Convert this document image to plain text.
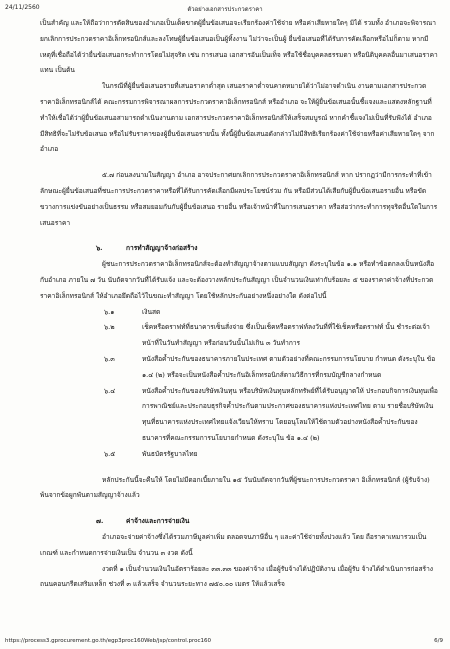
24/11/2560	ตัวอย่างเอกสารประกวดราคา

เป็นสำคัญ และให้ถือว่าการตัดสินของอำเภอเป็นเด็ดขาดผู้ยื่นข้อเสนอจะเรียกร้องค่าใช้จ่าย หรือค่าเสียหายใดๆ มิได้ รวมทั้ง อำเภอจะพิจารณายกเลิกการประกวดราคาอิเล็กทรอนิกส์และลงโทษผู้ยื่นข้อเสนอเป็นผู้ทิ้งงาน ไม่ว่าจะเป็นผู้ ยื่นข้อเสนอที่ได้รับการคัดเลือกหรือไม่ก็ตาม หากมีเหตุที่เชื่อถือได้ว่ายื่นข้อเสนอกระทำการโดยไม่สุจริต เช่น การเสนอ เอกสารอันเป็นเท็จ หรือใช้ชื่อบุคคลธรรมดา หรือนิติบุคคลอื่นมาเสนอราคาแทน เป็นต้น

ในกรณีที่ผู้ยื่นข้อเสนอรายที่เสนอราคาต่ำสุด เสนอราคาต่ำจนคาดหมายได้ว่าไม่อาจดำเนิน งานตามเอกสารประกวดราคาอิเล็กทรอนิกส์ได้ คณะกรรมการพิจารณาผลการประกวดราคาอิเล็กทรอนิกส์ หรืออำเภอ จะให้ผู้ยื่นข้อเสนอนั้นชี้แจงและแสดงหลักฐานที่ทำให้เชื่อได้ว่าผู้ยื่นข้อเสนอสามารถดำเนินงานตาม เอกสารประกวดราคาอิเล็กทรอนิกส์ให้เสร็จสมบูรณ์ หากคำชี้แจงไม่เป็นที่รับฟังได้ อำเภอ มีสิทธิที่จะไม่รับข้อเสนอ หรือไม่รับราคาของผู้ยื่นข้อเสนอรายนั้น ทั้งนี้ผู้ยื่นข้อเสนอดังกล่าวไม่มีสิทธิเรียกร้องค่าใช้จ่ายหรือค่าเสียหายใดๆ จากอำเภอ

๕.๗ ก่อนลงนามในสัญญา อำเภอ อาจประกาศยกเลิกการประกวดราคาอิเล็กทรอนิกส์ หาก ปรากฏว่ามีการกระทำที่เข้าลักษณะผู้ยื่นข้อเสนอที่ชนะการประกวดราคาหรือที่ได้รับการคัดเลือกมีผลประโยชน์ร่วม กัน หรือมีส่วนได้เสียกับผู้ยื่นข้อเสนอรายอื่น หรือขัดขวางการแข่งขันอย่างเป็นธรรม หรือสมยอมกันกับผู้ยื่นข้อเสนอ รายอื่น หรือเจ้าหน้าที่ในการเสนอราคา หรือส่อว่ากระทำการทุจริตอื่นใดในการเสนอราคา

๖.	การทำสัญญาจ้างก่อสร้าง

ผู้ชนะการประกวดราคาอิเล็กทรอนิกส์จะต้องทำสัญญาจ้างตามแบบสัญญา ดังระบุในข้อ ๑.๑ หรือทำข้อตกลงเป็นหนังสือกับอำเภอ ภายใน ๗ วัน นับถัดจากวันที่ได้รับแจ้ง และจะต้องวางหลักประกันสัญญา เป็นจำนวนเงินเท่ากับร้อยละ ๕ ของราคาค่าจ้างที่ประกวดราคาอิเล็กทรอนิกส์ ให้อำเภอยึดถือไว้ในขณะทำสัญญา โดยใช้หลักประกันอย่างหนึ่งอย่างใด ดังต่อไปนี้

๖.๑	เงินสด
๖.๒	เช็คหรือดราฟท์ที่ธนาคารเซ็นสั่งจ่าย ซึ่งเป็นเช็คหรือดราฟท์ลงวันที่ที่ใช้เช็คหรือดราฟท์ นั้น ชำระต่อเจ้าหน้าที่ในวันทำสัญญา หรือก่อนวันนั้นไม่เกิน ๓ วันทำการ
๖.๓	หนังสือค้ำประกันของธนาคารภายในประเทศ ตามตัวอย่างที่คณะกรรมการนโยบาย กำหนด ดังระบุใน ข้อ ๑.๔ (๒) หรือจะเป็นหนังสือค้ำประกันอิเล็กทรอนิกส์ตามวิธีการที่กรมบัญชีกลางกำหนด
๖.๔	หนังสือค้ำประกันของบริษัทเงินทุน หรือบริษัทเงินทุนหลักทรัพย์ที่ได้รับอนุญาตให้ ประกอบกิจการเงินทุนเพื่อการพาณิชย์และประกอบธุรกิจค้ำประกันตามประกาศของธนาคารแห่งประเทศไทย ตาม รายชื่อบริษัทเงินทุนที่ธนาคารแห่งประเทศไทยแจ้งเวียนให้ทราบ โดยอนุโลมให้ใช้ตามตัวอย่างหนังสือค้ำประกันของ ธนาคารที่คณะกรรมการนโยบายกำหนด ดังระบุใน ข้อ ๑.๔ (๒)
๖.๕	พันธบัตรรัฐบาลไทย

หลักประกันนี้จะคืนให้ โดยไม่มีดอกเบี้ยภายใน ๑๕ วันนับถัดจากวันที่ผู้ชนะการประกวดราคา อิเล็กทรอนิกส์ (ผู้รับจ้าง) พ้นจากข้อผูกพันตามสัญญาจ้างแล้ว

๗.	ค่าจ้างและการจ่ายเงิน

อำเภอจะจ่ายค่าจ้างซึ่งได้รวมภาษีมูลค่าเพิ่ม ตลอดจนภาษีอื่น ๆ และค่าใช้จ่ายทั้งปวงแล้ว โดย ถือราคาเหมารวมเป็นเกณฑ์ และกำหนดการจ่ายเงินเป็น จำนวน ๓ งวด ดังนี้

งวดที่ ๑ เป็นจำนวนเงินในอัตราร้อยละ ๓๓.๓๓ ของค่าจ้าง เมื่อผู้รับจ้างได้ปฏิบัติงาน เมื่อผู้รับ จ้างได้ดำเนินการก่อสร้างถนนคอนกรีตเสริมเหล็ก ช่วงที่ ๓ แล้วเสร็จ จำนวนระยะทาง ๗๕๐.๐๐ เมตร ให้แล้วเสร็จ

https://process3.gprocurement.go.th/egp3proc160Web/jsp/control.proc160	6/9
